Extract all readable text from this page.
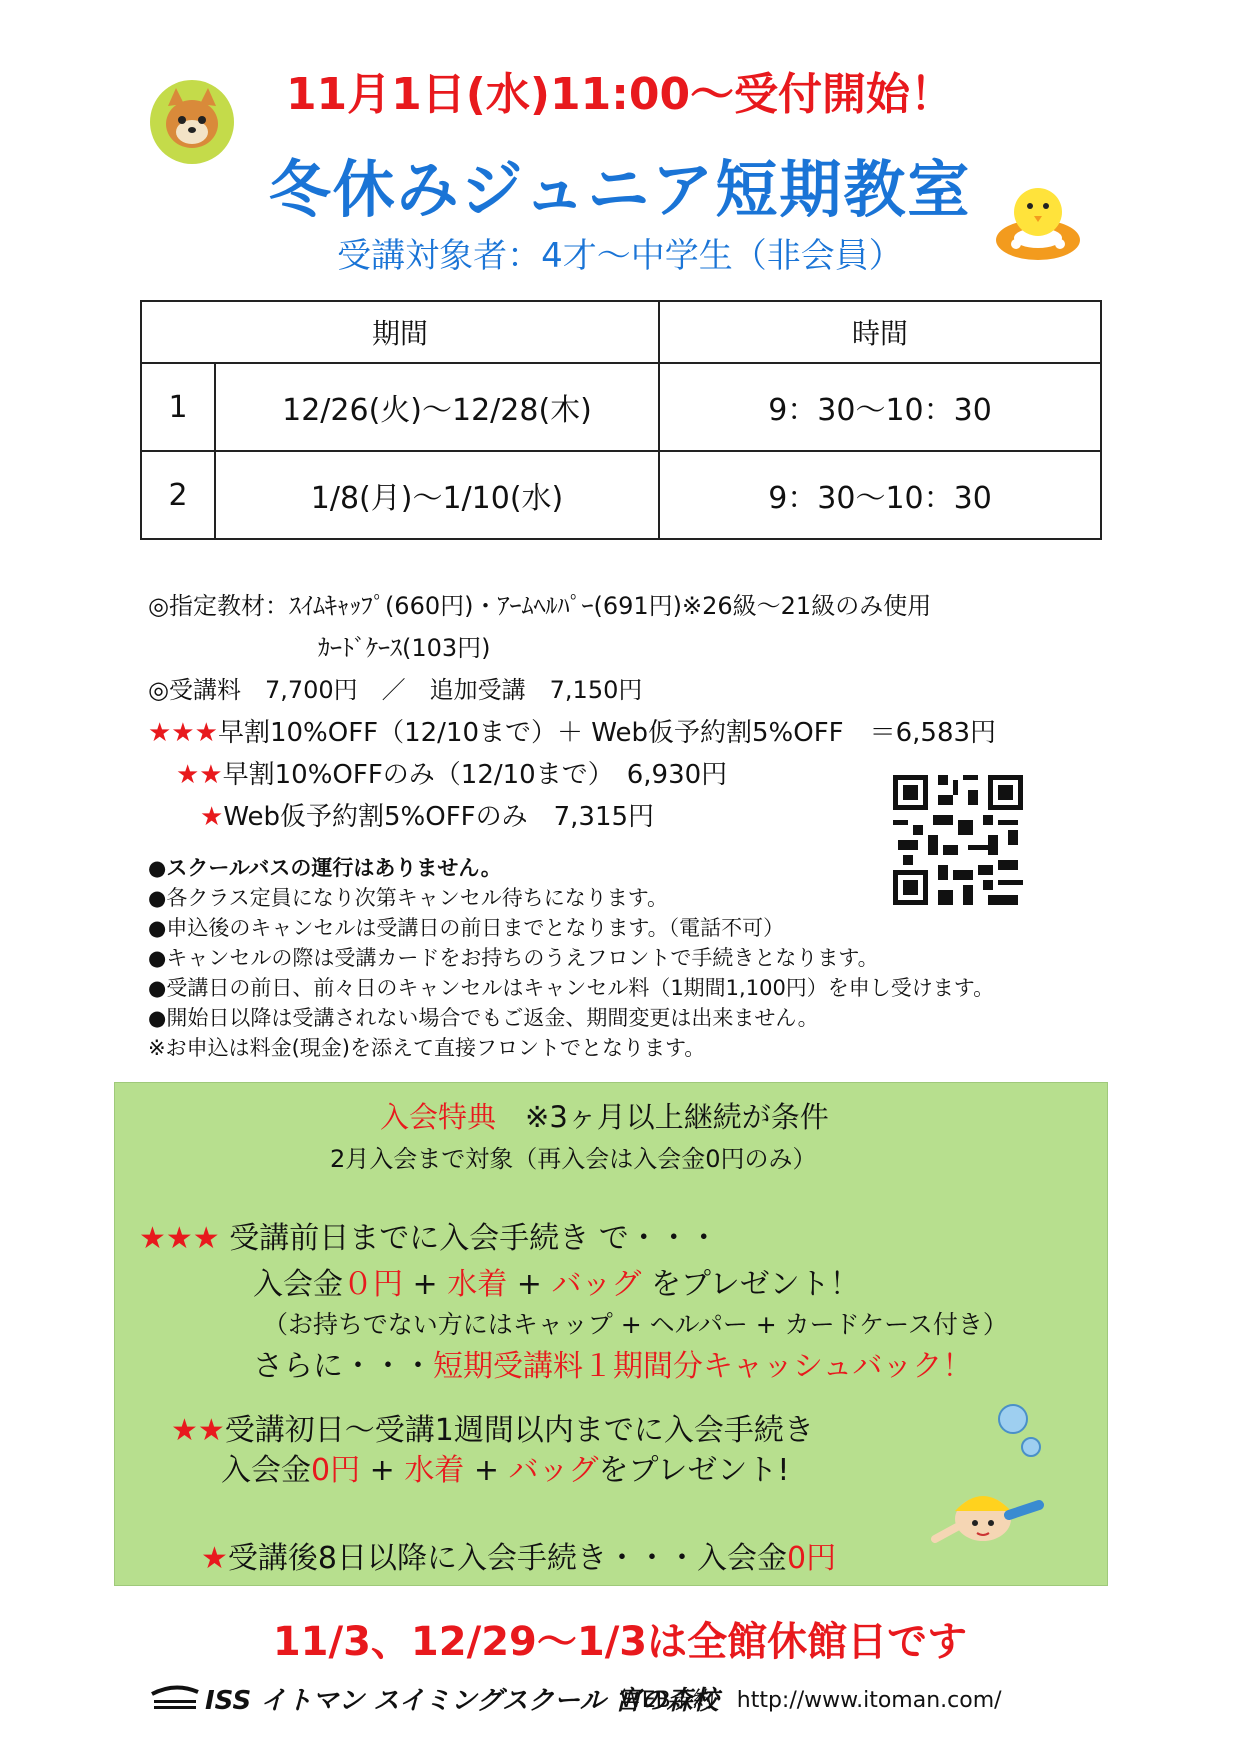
11月1日(水)11:00～受付開始！
冬休みジュニア短期教室
受講対象者：4才～中学生（非会員）
期間		時間
1	12/26(火)～12/28(木)	9：30～10：30
2	1/8(月)～1/10(水)	9：30～10：30
◎指定教材：ｽｲﾑｷｬｯﾌﾟ(660円)・ｱｰﾑﾍﾙﾊﾟｰ(691円)※26級～21級のみ使用
ｶｰﾄﾞｹｰｽ(103円)
◎受講料　7,700円　／　追加受講　7,150円
★★★早割10%OFF（12/10まで）＋ Web仮予約割5%OFF　＝6,583円
★★早割10%OFFのみ（12/10まで）　6,930円
★Web仮予約割5%OFFのみ　7,315円
●スクールバスの運行はありません。
●各クラス定員になり次第キャンセル待ちになります。
●申込後のキャンセルは受講日の前日までとなります。（電話不可）
●キャンセルの際は受講カードをお持ちのうえフロントで手続きとなります。
●受講日の前日、前々日のキャンセルはキャンセル料（1期間1,100円）を申し受けます。
●開始日以降は受講されない場合でもご返金、期間変更は出来ません。
※お申込は料金(現金)を添えて直接フロントでとなります。
入会特典　※3ヶ月以上継続が条件
2月入会まで対象（再入会は入会金0円のみ）
★★★ 受講前日までに入会手続き で・・・
入会金０円 + 水着 + バッグ をプレゼント！
（お持ちでない方にはキャップ + ヘルパー + カードケース付き）
さらに・・・短期受講料１期間分キャッシュバック！
★★受講初日～受講1週間以内までに入会手続き
入会金0円 + 水着 + バッグをプレゼント!
★受講後8日以降に入会手続き・・・入会金0円
11/3、12/29～1/3は全館休館日です
ISS イトマン スイミングスクール 宮の森校
WEB予約　http://www.itoman.com/
